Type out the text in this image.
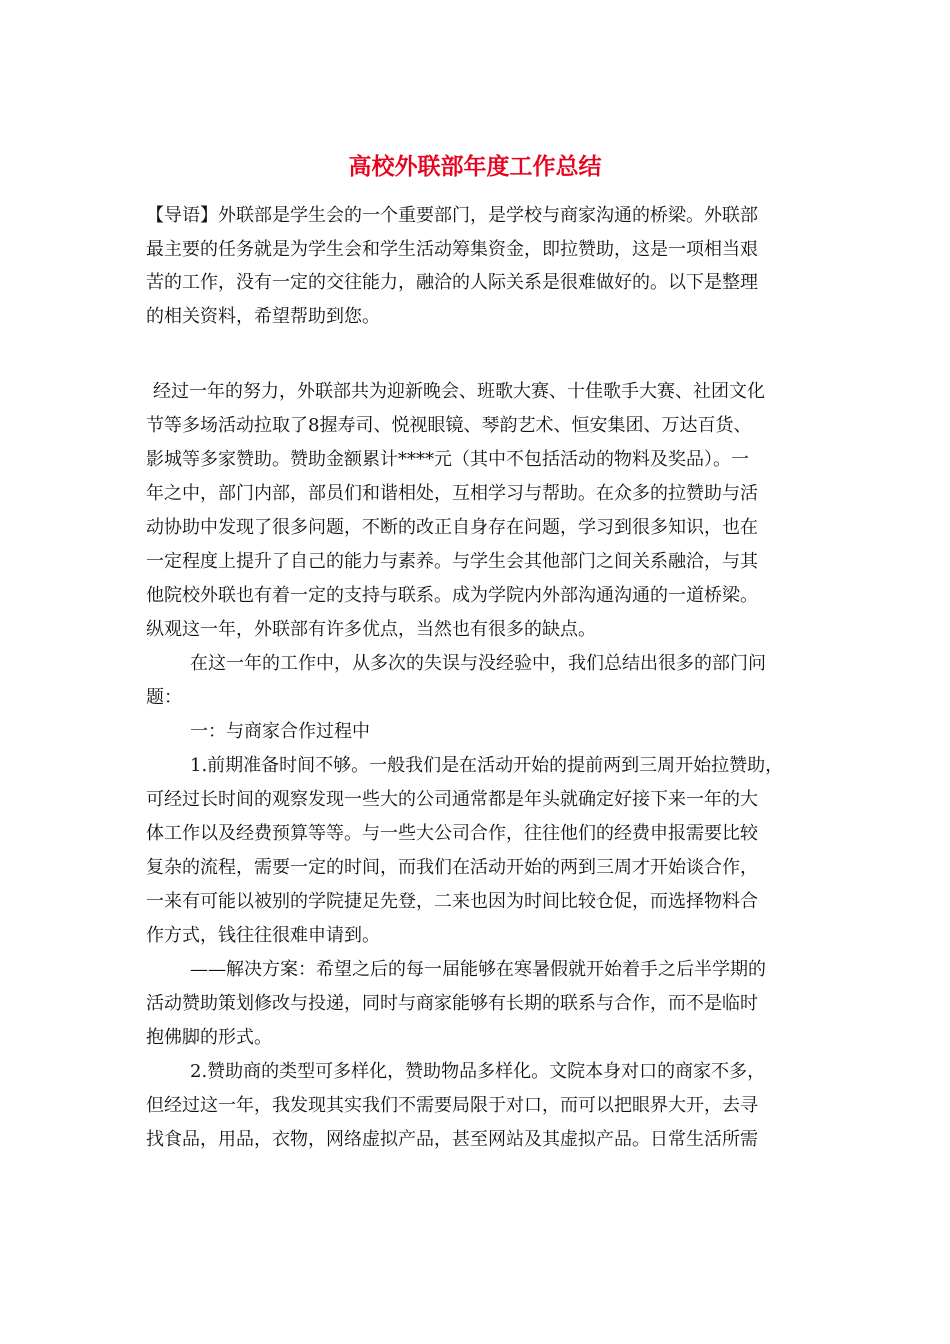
高校外联部年度工作总结
【导语】外联部是学生会的一个重要部门，是学校与商家沟通的桥梁。外联部
最主要的任务就是为学生会和学生活动筹集资金，即拉赞助，这是一项相当艰
苦的工作，没有一定的交往能力，融洽的人际关系是很难做好的。以下是整理
的相关资料，希望帮助到您。
经过一年的努力，外联部共为迎新晚会、班歌大赛、十佳歌手大赛、社团文化
节等多场活动拉取了8握寿司、悦视眼镜、琴韵艺术、恒安集团、万达百货、
影城等多家赞助。赞助金额累计****元（其中不包括活动的物料及奖品）。一
年之中，部门内部，部员们和谐相处，互相学习与帮助。在众多的拉赞助与活
动协助中发现了很多问题，不断的改正自身存在问题，学习到很多知识，也在
一定程度上提升了自己的能力与素养。与学生会其他部门之间关系融洽，与其
他院校外联也有着一定的支持与联系。成为学院内外部沟通沟通的一道桥梁。
纵观这一年，外联部有许多优点，当然也有很多的缺点。
在这一年的工作中，从多次的失误与没经验中，我们总结出很多的部门问
题：
一：与商家合作过程中
1.前期准备时间不够。一般我们是在活动开始的提前两到三周开始拉赞助，
可经过长时间的观察发现一些大的公司通常都是年头就确定好接下来一年的大
体工作以及经费预算等等。与一些大公司合作，往往他们的经费申报需要比较
复杂的流程，需要一定的时间，而我们在活动开始的两到三周才开始谈合作，
一来有可能以被别的学院捷足先登，二来也因为时间比较仓促，而选择物料合
作方式，钱往往很难申请到。
——解决方案：希望之后的每一届能够在寒暑假就开始着手之后半学期的
活动赞助策划修改与投递，同时与商家能够有长期的联系与合作，而不是临时
抱佛脚的形式。
2.赞助商的类型可多样化，赞助物品多样化。文院本身对口的商家不多，
但经过这一年，我发现其实我们不需要局限于对口，而可以把眼界大开，去寻
找食品，用品，衣物，网络虚拟产品，甚至网站及其虚拟产品。日常生活所需
